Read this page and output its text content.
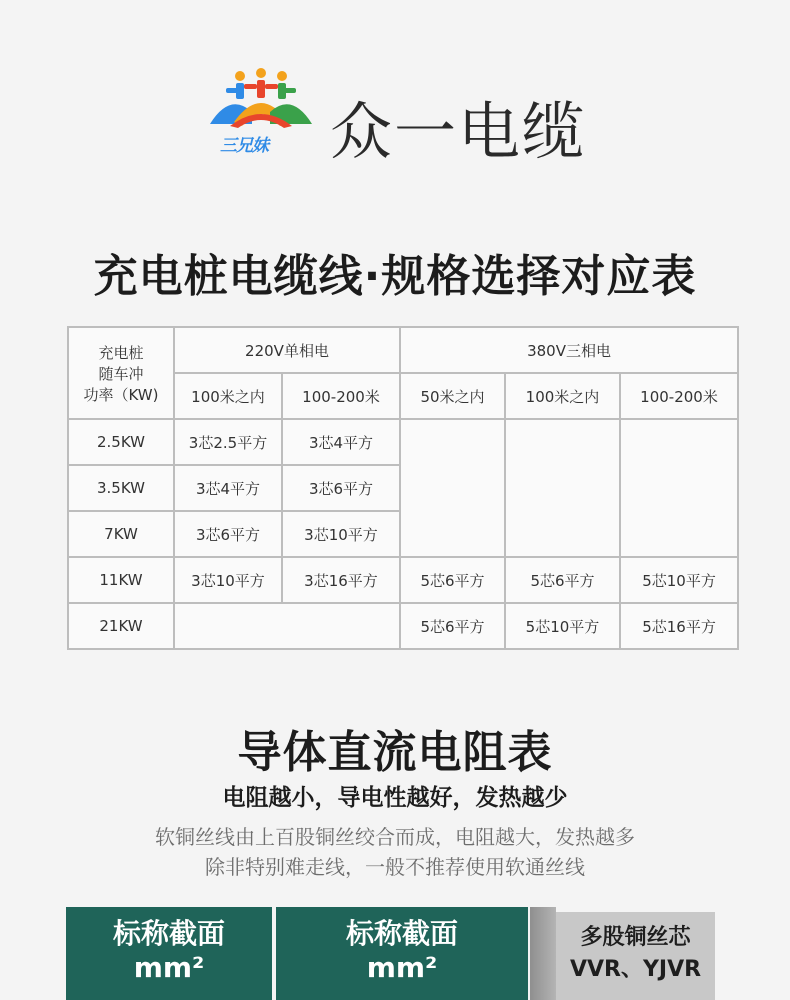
三兄妹 众一电缆
充电桩电缆线·规格选择对应表
充电桩
随车冲
功率（KW)	220V单相电		380V三相电		
	100米之内	100-200米	50米之内	100米之内	100-200米
2.5KW	3芯2.5平方	3芯4平方			
3.5KW	3芯4平方	3芯6平方			
7KW	3芯6平方	3芯10平方			
11KW	3芯10平方	3芯16平方	5芯6平方	5芯6平方	5芯10平方
21KW			5芯6平方	5芯10平方	5芯16平方
导体直流电阻表
电阻越小，导电性越好，发热越少
软铜丝线由上百股铜丝绞合而成，电阻越大，发热越多
除非特别难走线，一般不推荐使用软通丝线
标称截面
mm²
标称截面
mm²
多股铜丝芯
VVR、YJVR
